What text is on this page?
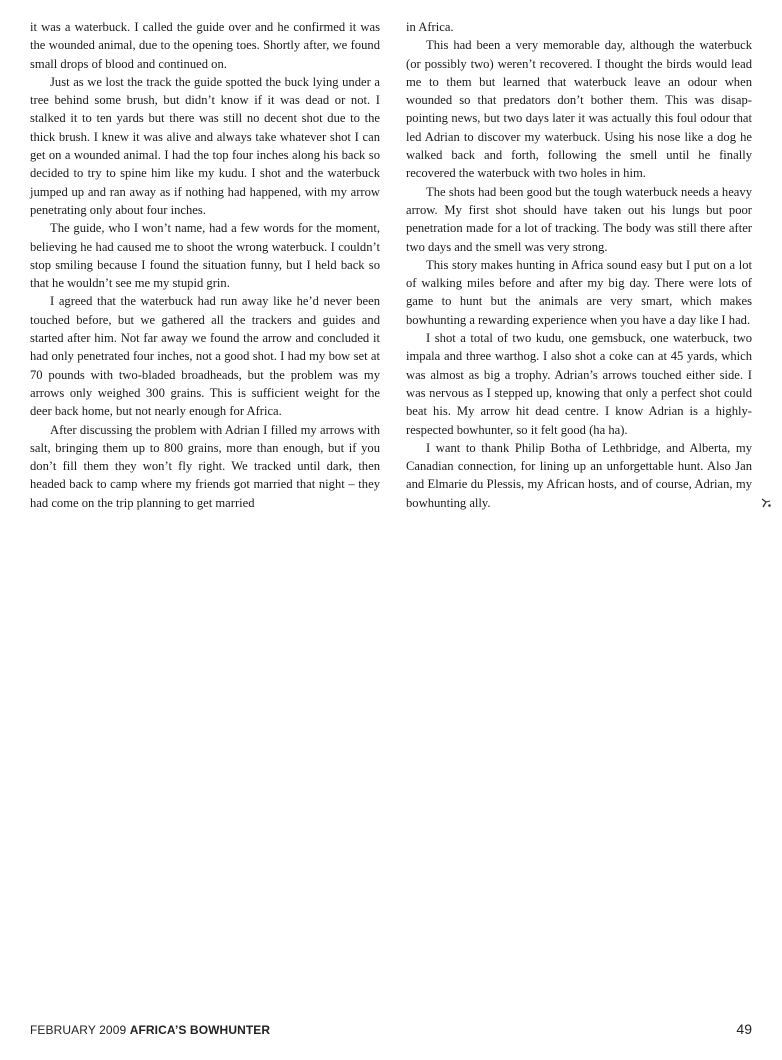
it was a waterbuck. I called the guide over and he confirmed it was the wounded animal, due to the opening toes. Shortly after, we found small drops of blood and continued on.

Just as we lost the track the guide spotted the buck lying under a tree behind some brush, but didn’t know if it was dead or not. I stalked it to ten yards but there was still no decent shot due to the thick brush. I knew it was alive and always take whatever shot I can get on a wounded animal. I had the top four inches along his back so decided to try to spine him like my kudu. I shot and the waterbuck jumped up and ran away as if nothing had happened, with my arrow penetrating only about four inches.

The guide, who I won’t name, had a few words for the moment, believing he had caused me to shoot the wrong waterbuck. I couldn’t stop smiling because I found the situation funny, but I held back so that he wouldn’t see me my stupid grin.

I agreed that the waterbuck had run away like he’d never been touched before, but we gathered all the trackers and guides and started after him. Not far away we found the arrow and concluded it had only penetrated four inches, not a good shot. I had my bow set at 70 pounds with two-bladed broadheads, but the problem was my arrows only weighed 300 grains. This is sufficient weight for the deer back home, but not nearly enough for Africa.

After discussing the problem with Adrian I filled my arrows with salt, bringing them up to 800 grains, more than enough, but if you don’t fill them they won’t fly right. We tracked until dark, then headed back to camp where my friends got married that night – they had come on the trip planning to get married

in Africa.

This had been a very memorable day, although the waterbuck (or possibly two) weren’t recovered. I thought the birds would lead me to them but learned that waterbuck leave an odour when wounded so that predators don’t bother them. This was disappointing news, but two days later it was actually this foul odour that led Adrian to discover my waterbuck. Using his nose like a dog he walked back and forth, following the smell until he finally recovered the waterbuck with two holes in him.

The shots had been good but the tough waterbuck needs a heavy arrow. My first shot should have taken out his lungs but poor penetration made for a lot of tracking. The body was still there after two days and the smell was very strong.

This story makes hunting in Africa sound easy but I put on a lot of walking miles before and after my big day. There were lots of game to hunt but the animals are very smart, which makes bowhunting a rewarding experience when you have a day like I had.

I shot a total of two kudu, one gemsbuck, one waterbuck, two impala and three warthog. I also shot a coke can at 45 yards, which was almost as big a trophy. Adrian’s arrows touched either side. I was nervous as I stepped up, knowing that only a perfect shot could beat his. My arrow hit dead centre. I know Adrian is a highly-respected bowhunter, so it felt good (ha ha).

I want to thank Philip Botha of Lethbridge, and Alberta, my Canadian connection, for lining up an unforgettable hunt. Also Jan and Elmarie du Plessis, my African hosts, and of course, Adrian, my bowhunting ally.

FEBRUARY 2009 AFRICA’S BOWHUNTER	49
